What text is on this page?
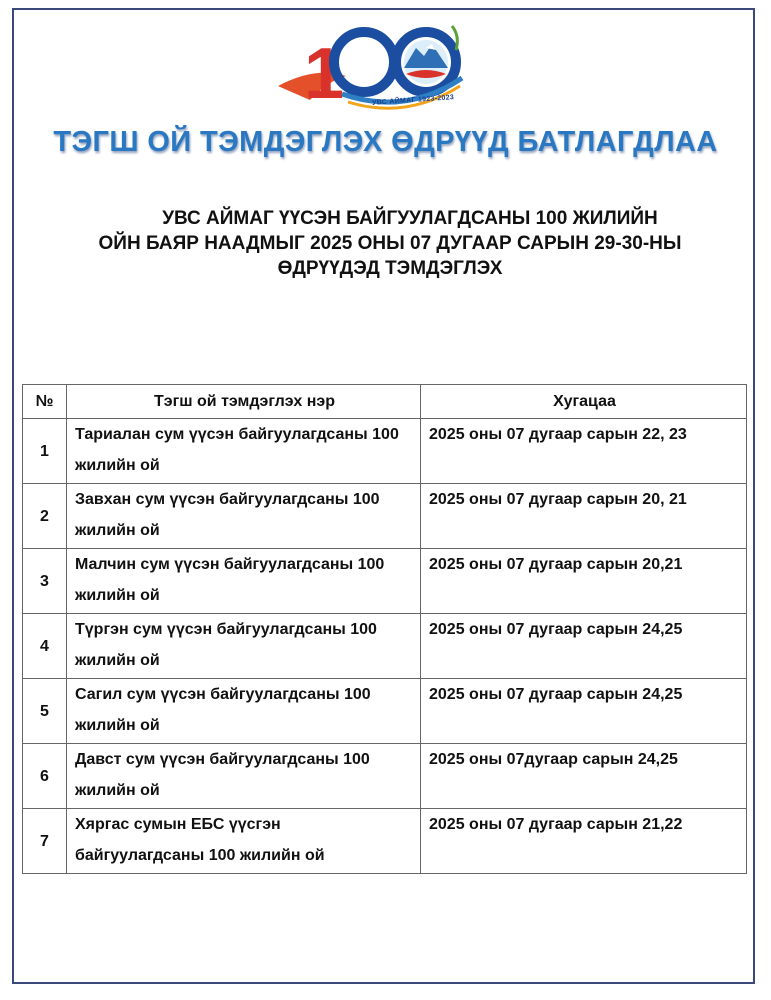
1	УВС АЙМАГ 1923-2023
ТЭГШ ОЙ ТЭМДЭГЛЭХ ӨДРҮҮД БАТЛАГДЛАА
УВС АЙМАГ ҮҮСЭН БАЙГУУЛАГДСАНЫ 100 ЖИЛИЙН
ОЙН БАЯР НААДМЫГ 2025 ОНЫ 07 ДУГААР САРЫН 29-30-НЫ
ӨДРҮҮДЭД ТЭМДЭГЛЭХ
№	Тэгш ой тэмдэглэх нэр	Хугацаа
1	Тариалан сум үүсэн байгуулагдсаны 100 жилийн ой	2025 оны 07 дугаар сарын 22, 23
2	Завхан сум үүсэн байгуулагдсаны 100 жилийн ой	2025 оны 07 дугаар сарын 20, 21
3	Малчин сум үүсэн байгуулагдсаны 100 жилийн ой	2025 оны 07 дугаар сарын 20,21
4	Түргэн сум үүсэн байгуулагдсаны 100 жилийн ой	2025 оны 07 дугаар сарын 24,25
5	Сагил сум үүсэн байгуулагдсаны 100 жилийн ой	2025 оны 07 дугаар сарын 24,25
6	Давст сум үүсэн байгуулагдсаны 100 жилийн ой	2025 оны 07дугаар сарын 24,25
7	Хяргас сумын ЕБС үүсгэн байгуулагдсаны 100 жилийн ой	2025 оны 07 дугаар сарын 21,22
